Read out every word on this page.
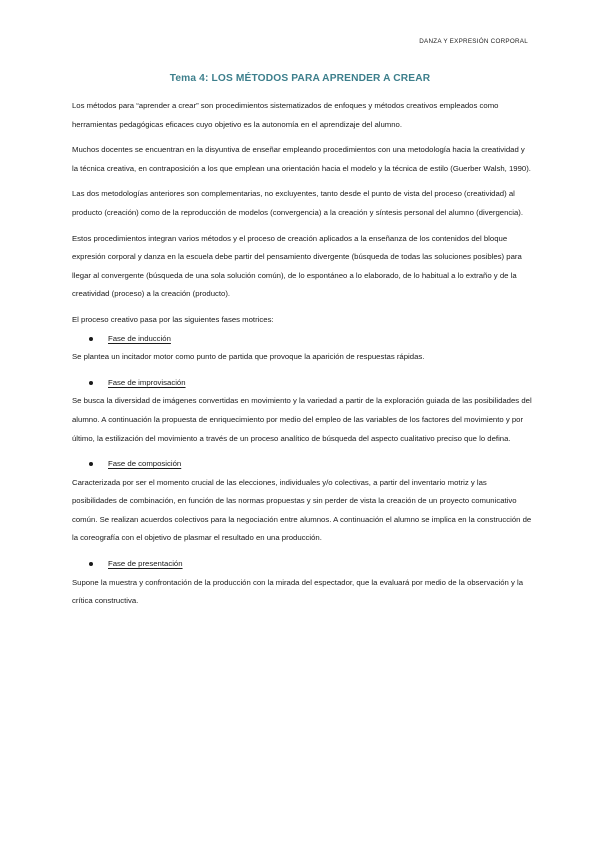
DANZA Y EXPRESIÓN CORPORAL
Tema 4: LOS MÉTODOS PARA APRENDER A CREAR

Los métodos para “aprender a crear” son procedimientos sistematizados de enfoques y métodos creativos empleados como herramientas pedagógicas eficaces cuyo objetivo es la autonomía en el aprendizaje del alumno.

Muchos docentes se encuentran en la disyuntiva de enseñar empleando procedimientos con una metodología hacia la creatividad y la técnica creativa, en contraposición a los que emplean una orientación hacia el modelo y la técnica de estilo (Guerber Walsh, 1990).

Las dos metodologías anteriores son complementarias, no excluyentes, tanto desde el punto de vista del proceso (creatividad) al producto (creación) como de la reproducción de modelos (convergencia) a la creación y síntesis personal del alumno (divergencia).

Estos procedimientos integran varios métodos y el proceso de creación aplicados a la enseñanza de los contenidos del bloque expresión corporal y danza en la escuela debe partir del pensamiento divergente (búsqueda de todas las soluciones posibles) para llegar al convergente (búsqueda de una sola solución común), de lo espontáneo a lo elaborado, de lo habitual a lo extraño y de la creatividad (proceso) a la creación (producto).

El proceso creativo pasa por las siguientes fases motrices:

Fase de inducción

Se plantea un incitador motor como punto de partida que provoque la aparición de respuestas rápidas.

Fase de improvisación

Se busca la diversidad de imágenes convertidas en movimiento y la variedad a partir de la exploración guiada de las posibilidades del alumno. A continuación la propuesta de enriquecimiento por medio del empleo de las variables de los factores del movimiento y por último, la estilización del movimiento a través de un proceso analítico de búsqueda del aspecto cualitativo preciso que lo defina.

Fase de composición

Caracterizada por ser el momento crucial de las elecciones, individuales y/o colectivas, a partir del inventario motriz y las posibilidades de combinación, en función de las normas propuestas y sin perder de vista la creación de un proyecto comunicativo común. Se realizan acuerdos colectivos para la negociación entre alumnos. A continuación el alumno se implica en la construcción de la coreografía con el objetivo de plasmar el resultado en una producción.

Fase de presentación

Supone la muestra y confrontación de la producción con la mirada del espectador, que la evaluará por medio de la observación y la crítica constructiva.
